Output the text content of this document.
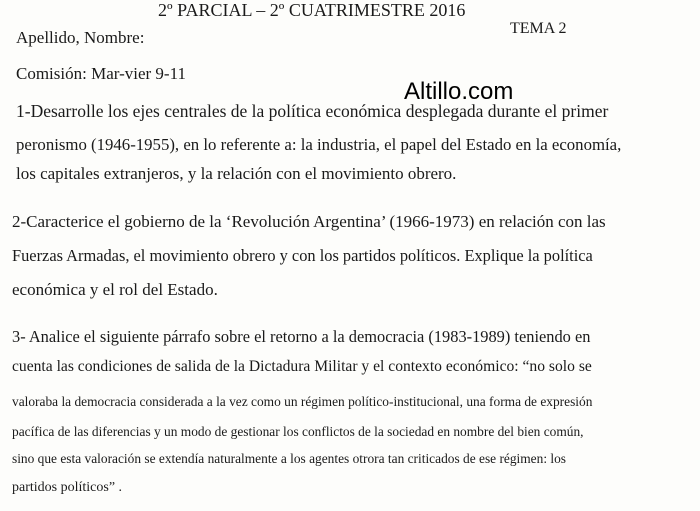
2º PARCIAL – 2º CUATRIMESTRE 2016
TEMA 2
Apellido, Nombre:
Comisión: Mar-vier 9-11
Altillo.com
1-Desarrolle los ejes centrales de la política económica desplegada durante el primer
peronismo (1946-1955), en lo referente a: la industria, el papel del Estado en la economía,
los capitales extranjeros, y la relación con el movimiento obrero.
2-Caracterice el gobierno de la ‘Revolución Argentina’ (1966-1973) en relación con las
Fuerzas Armadas, el movimiento obrero y con los partidos políticos. Explique la política
económica y el rol del Estado.
3- Analice el siguiente párrafo sobre el retorno a la democracia (1983-1989) teniendo en
cuenta las condiciones de salida de la Dictadura Militar y el contexto económico: “no solo se
valoraba la democracia considerada a la vez como un régimen político-institucional, una forma de expresión
pacífica de las diferencias y un modo de gestionar los conflictos de la sociedad en nombre del bien común,
sino que esta valoración se extendía naturalmente a los agentes otrora tan criticados de ese régimen: los
partidos políticos” .
